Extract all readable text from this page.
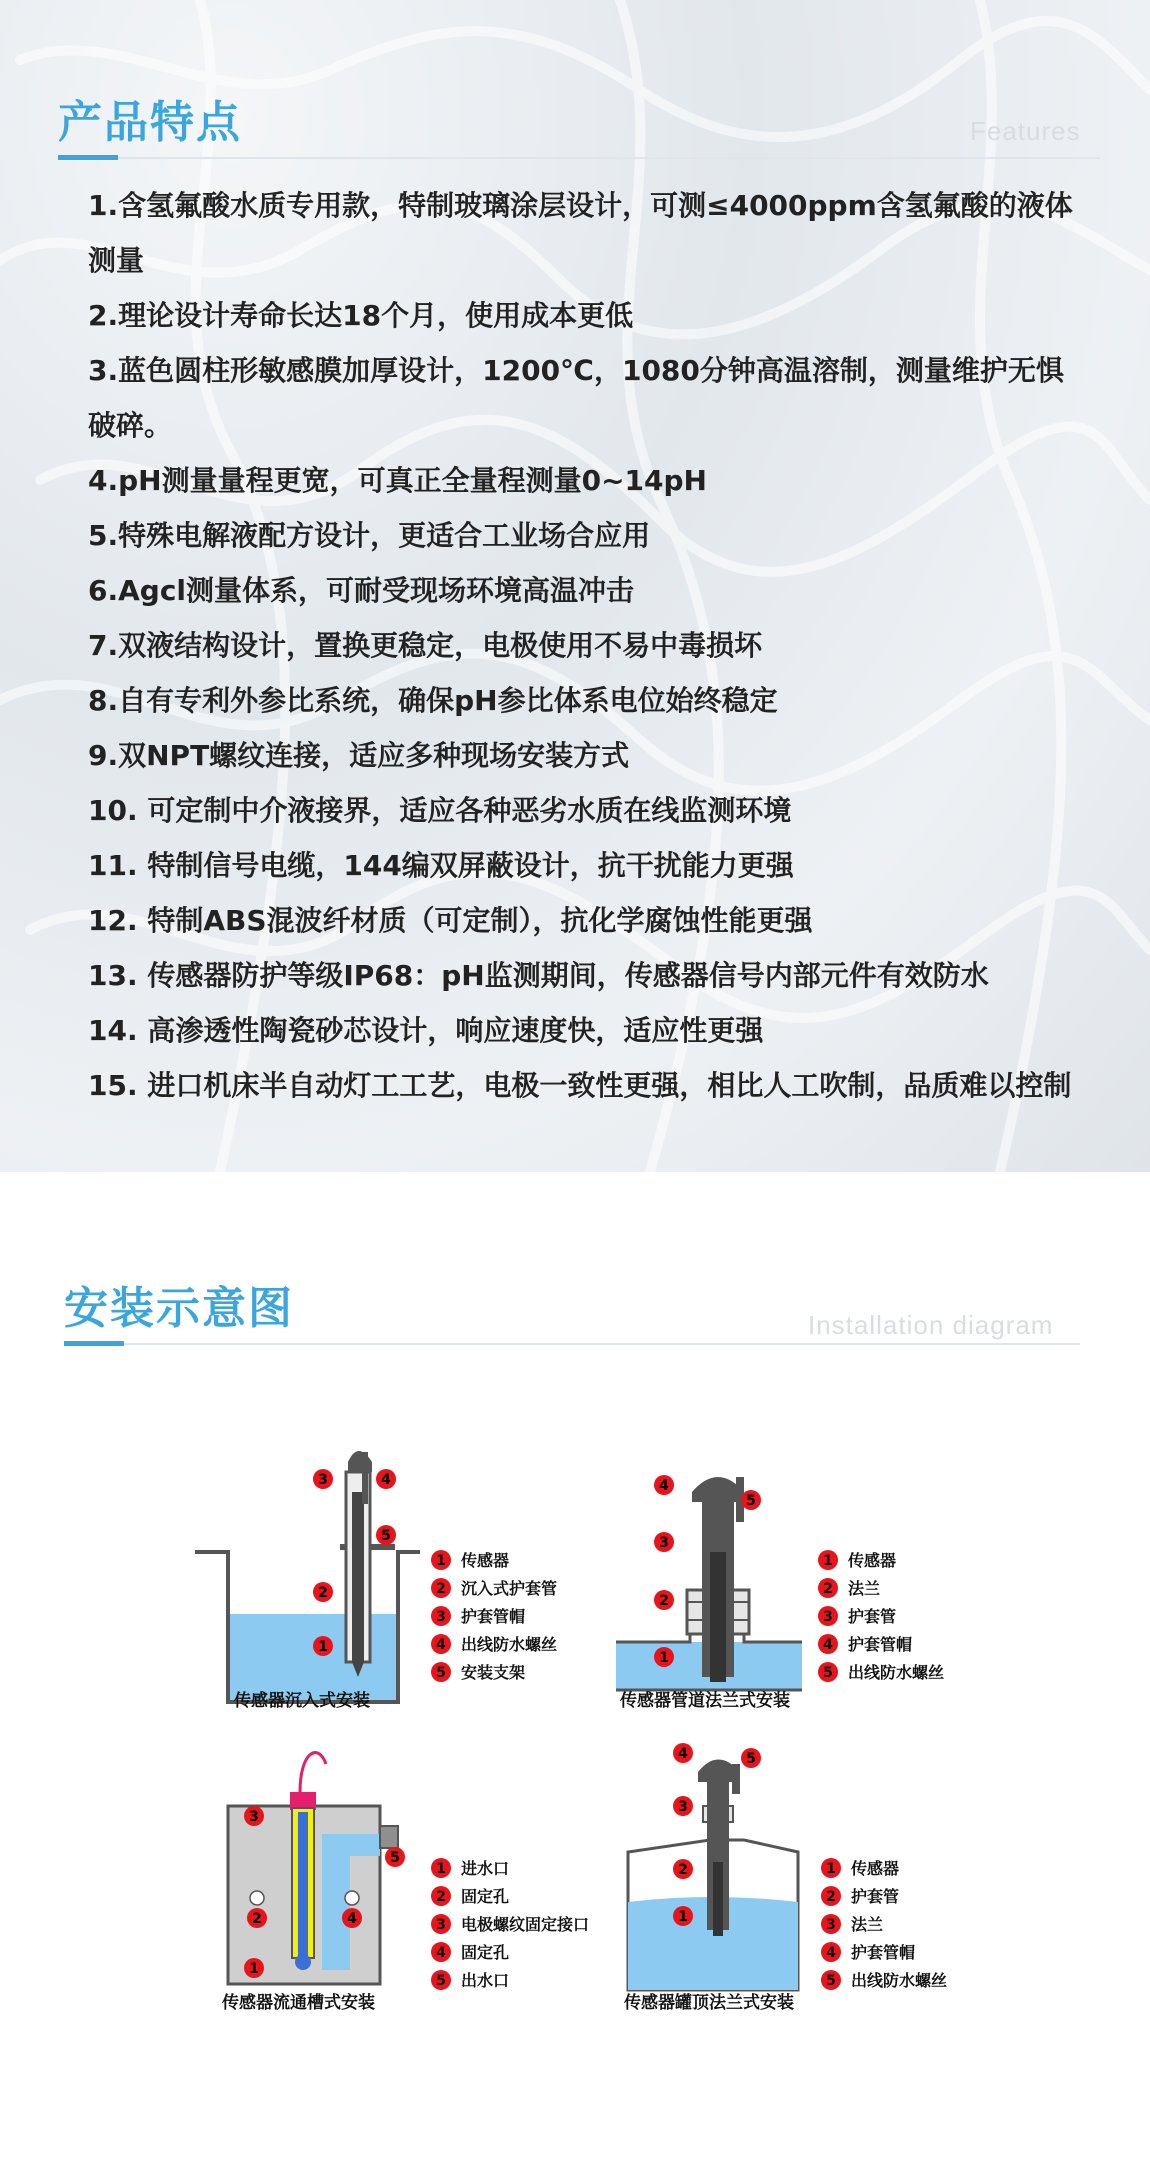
产品特点	Features
1.含氢氟酸水质专用款，特制玻璃涂层设计，可测≤4000ppm含氢氟酸的液体测量
2.理论设计寿命长达18个月，使用成本更低
3.蓝色圆柱形敏感膜加厚设计，1200℃，1080分钟高温溶制，测量维护无惧破碎。
4.pH测量量程更宽，可真正全量程测量0~14pH
5.特殊电解液配方设计，更适合工业场合应用
6.Agcl测量体系，可耐受现场环境高温冲击
7.双液结构设计，置换更稳定，电极使用不易中毒损坏
8.自有专利外参比系统，确保pH参比体系电位始终稳定
9.双NPT螺纹连接，适应多种现场安装方式
10. 可定制中介液接界，适应各种恶劣水质在线监测环境
11. 特制信号电缆，144编双屏蔽设计，抗干扰能力更强
12. 特制ABS混波纤材质（可定制），抗化学腐蚀性能更强
13. 传感器防护等级IP68：pH监测期间，传感器信号内部元件有效防水
14. 高渗透性陶瓷砂芯设计，响应速度快，适应性更强
15. 进口机床半自动灯工工艺，电极一致性更强，相比人工吹制，品质难以控制
安装示意图	Installation diagram
3	4
5
2
1
传感器沉入式安装
1 传感器
2 沉入式护套管
3 护套管帽
4 出线防水螺丝
5 安装支架
4
5
3
2
1
传感器管道法兰式安装
1 传感器
2 法兰
3 护套管
4 护套管帽
5 出线防水螺丝
3
5
2	4
1
传感器流通槽式安装
1 进水口
2 固定孔
3 电极螺纹固定接口
4 固定孔
5 出水口
4	5
3
2
1
传感器罐顶法兰式安装
1 传感器
2 护套管
3 法兰
4 护套管帽
5 出线防水螺丝
